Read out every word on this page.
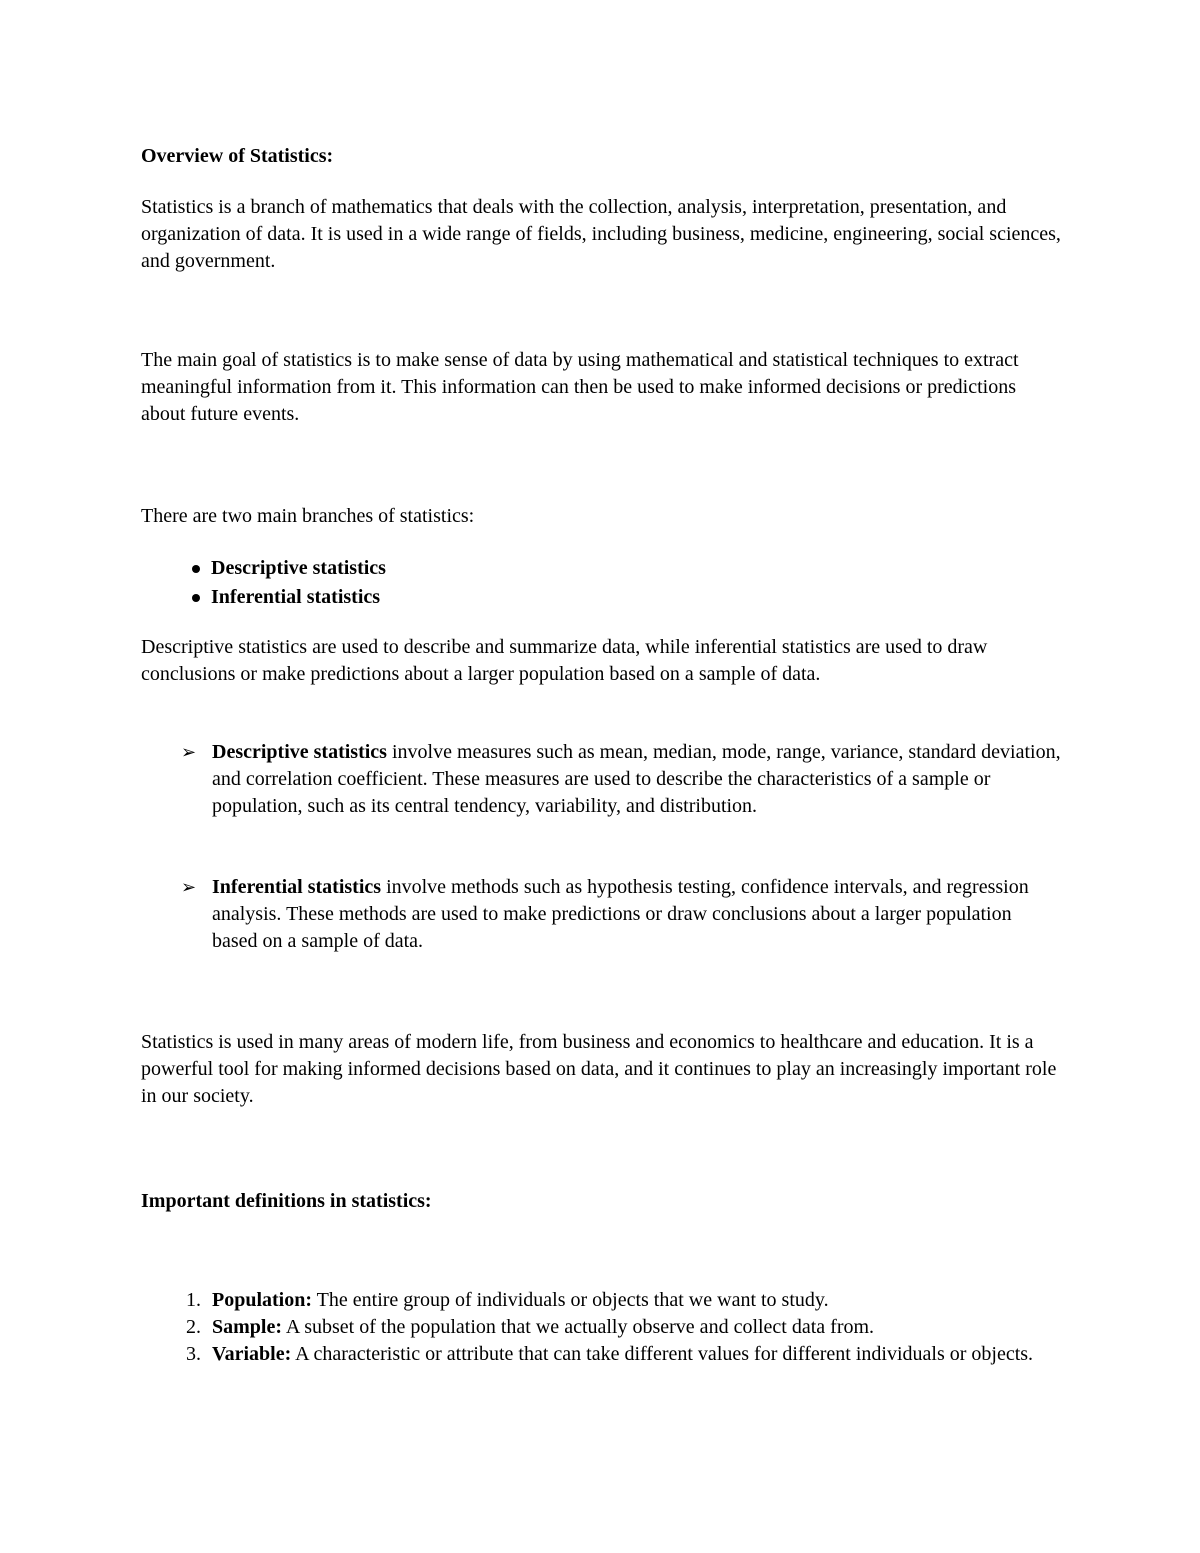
Overview of Statistics:

Statistics is a branch of mathematics that deals with the collection, analysis, interpretation, presentation, and organization of data. It is used in a wide range of fields, including business, medicine, engineering, social sciences, and government.

The main goal of statistics is to make sense of data by using mathematical and statistical techniques to extract meaningful information from it. This information can then be used to make informed decisions or predictions about future events.

There are two main branches of statistics:

Descriptive statistics
Inferential statistics

Descriptive statistics are used to describe and summarize data, while inferential statistics are used to draw conclusions or make predictions about a larger population based on a sample of data.

➢ Descriptive statistics involve measures such as mean, median, mode, range, variance, standard deviation, and correlation coefficient. These measures are used to describe the characteristics of a sample or population, such as its central tendency, variability, and distribution.
➢ Inferential statistics involve methods such as hypothesis testing, confidence intervals, and regression analysis. These methods are used to make predictions or draw conclusions about a larger population based on a sample of data.

Statistics is used in many areas of modern life, from business and economics to healthcare and education. It is a powerful tool for making informed decisions based on data, and it continues to play an increasingly important role in our society.

Important definitions in statistics:

1. Population: The entire group of individuals or objects that we want to study.
2. Sample: A subset of the population that we actually observe and collect data from.
3. Variable: A characteristic or attribute that can take different values for different individuals or objects.
